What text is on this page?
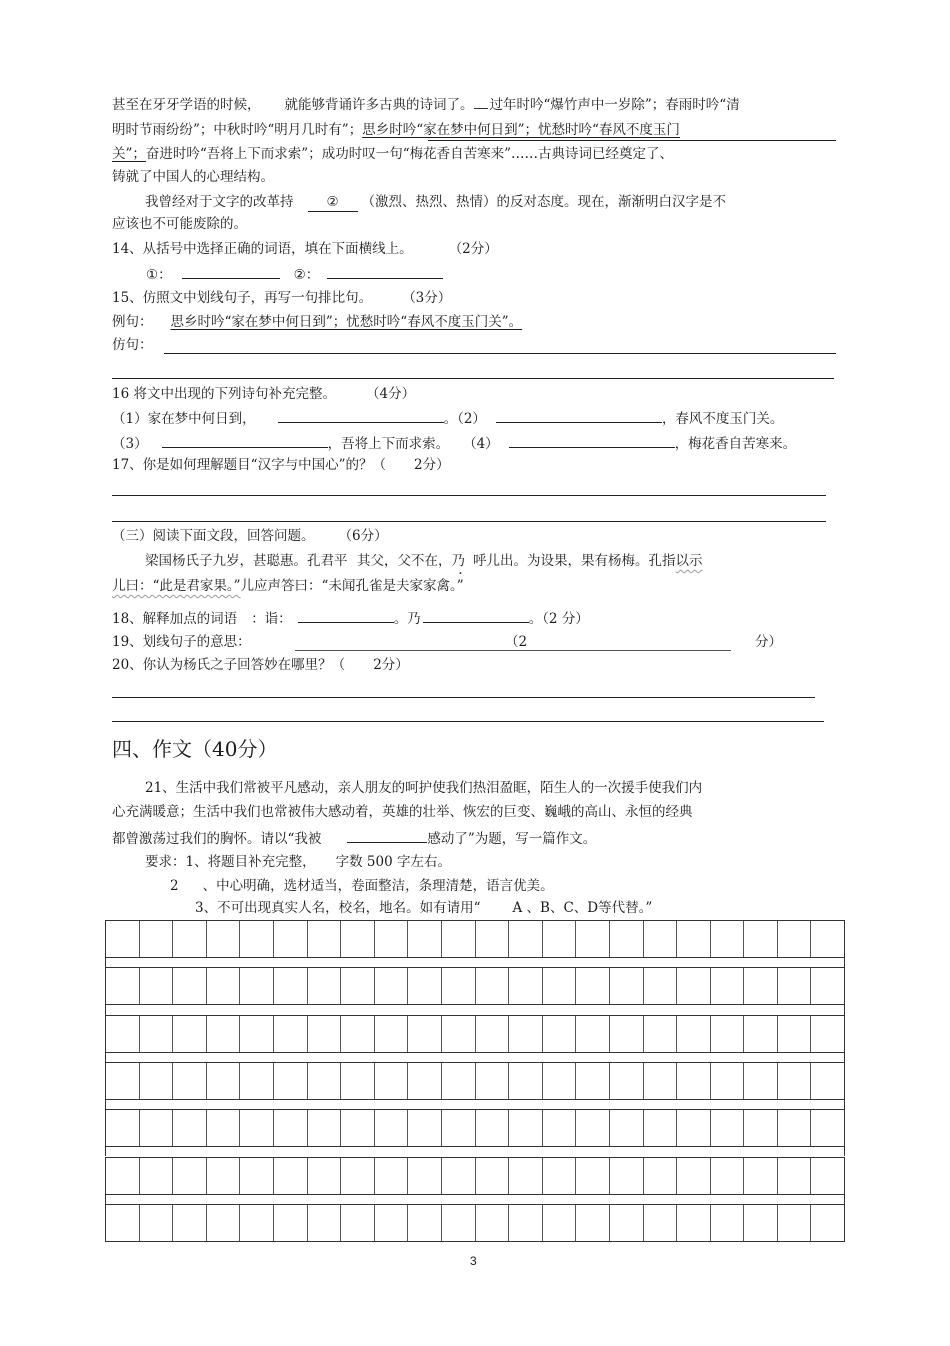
甚至在牙牙学语的时候， 就能够背诵许多古典的诗词了。 过年时吟“爆竹声中一岁除”；春雨时吟“清
明时节雨纷纷”；中秋时吟“明月几时有”；思乡时吟“家在梦中何日到”；忧愁时吟“春风不度玉门
关”；奋进时吟“吾将上下而求索”；成功时叹一句“梅花香自苦寒来”……古典诗词已经奠定了、
铸就了中国人的心理结构。
我曾经对于文字的改革持 ② （激烈、热烈、热情）的反对态度。现在，渐渐明白汉字是不
应该也不可能废除的。
14、从括号中选择正确的词语，填在下面横线上。	（2分）
①：	②：
15、仿照文中划线句子，再写一句排比句。 （3分）
例句： 思乡时吟“家在梦中何日到”；忧愁时吟“春风不度玉门关”。
仿句：
16 将文中出现的下列诗句补充完整。 （4分）
（1）家在梦中何日到，	。（2）	，春风不度玉门关。
（3）	，吾将上下而求索。 （4）	，梅花香自苦寒来。
17、你是如何理解题目“汉字与中国心”的？（ 2分）
（三）阅读下面文段，回答问题。 （6分）
梁国杨氏子九岁，甚聪惠。孔君平 其父，父不在，乃 呼儿出。为设果，果有杨梅。孔指以示
儿曰：“此是君家果。”儿应声答曰：“未闻孔雀是夫家家禽。”
18、解释加点的词语 ：诣：	。乃	。（2 分）
19、划线句子的意思：	（2	分）
20、你认为杨氏之子回答妙在哪里？（ 2分）
四、作文（40分）
21、生活中我们常被平凡感动，亲人朋友的呵护使我们热泪盈眶，陌生人的一次援手使我们内
心充满暖意；生活中我们也常被伟大感动着，英雄的壮举、恢宏的巨变、巍峨的高山、永恒的经典
都曾激荡过我们的胸怀。请以“我被	感动了”为题，写一篇作文。
要求：1、将题目补充完整， 字数 500 字左右。
2 、中心明确，选材适当，卷面整洁，条理清楚，语言优美。
3、不可出现真实人名，校名，地名。如有请用“ A 、B、C、D等代替。”
3
